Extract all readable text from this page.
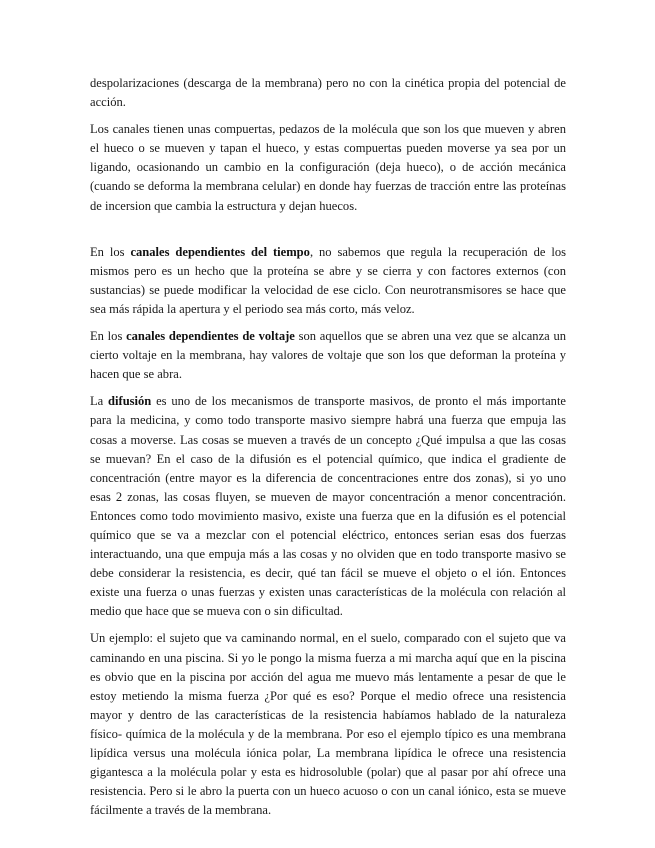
despolarizaciones (descarga de la membrana) pero no con la cinética propia del potencial de acción.

Los canales tienen unas compuertas, pedazos de la molécula que son los que mueven y abren el hueco o se mueven y tapan el hueco, y estas compuertas pueden moverse ya sea por un ligando, ocasionando un cambio en la configuración (deja hueco), o de acción mecánica (cuando se deforma la membrana celular) en donde hay fuerzas de tracción entre las proteínas de incersion que cambia la estructura y dejan huecos.

En los canales dependientes del tiempo, no sabemos que regula la recuperación de los mismos pero es un hecho que la proteína se abre y se cierra y con factores externos (con sustancias) se puede modificar la velocidad de ese ciclo. Con neurotransmisores se hace que sea más rápida la apertura y el periodo sea más corto, más veloz.

En los canales dependientes de voltaje son aquellos que se abren una vez que se alcanza un cierto voltaje en la membrana, hay valores de voltaje que son los que deforman la proteína y hacen que se abra.

La difusión es uno de los mecanismos de transporte masivos, de pronto el más importante para la medicina, y como todo transporte masivo siempre habrá una fuerza que empuja las cosas a moverse. Las cosas se mueven a través de un concepto ¿Qué impulsa a que las cosas se muevan? En el caso de la difusión es el potencial químico, que indica el gradiente de concentración (entre mayor es la diferencia de concentraciones entre dos zonas), si yo uno esas 2 zonas, las cosas fluyen, se mueven de mayor concentración a menor concentración. Entonces como todo movimiento masivo, existe una fuerza que en la difusión es el potencial químico que se va a mezclar con el potencial eléctrico, entonces serian esas dos fuerzas interactuando, una que empuja más a las cosas y no olviden que en todo transporte masivo se debe considerar la resistencia, es decir, qué tan fácil se mueve el objeto o el ión. Entonces existe una fuerza o unas fuerzas y existen unas características de la molécula con relación al medio que hace que se mueva con o sin dificultad.

Un ejemplo: el sujeto que va caminando normal, en el suelo, comparado con el sujeto que va caminando en una piscina. Si yo le pongo la misma fuerza a mi marcha aquí que en la piscina es obvio que en la piscina por acción del agua me muevo más lentamente a pesar de que le estoy metiendo la misma fuerza ¿Por qué es eso? Porque el medio ofrece una resistencia mayor y dentro de las características de la resistencia habíamos hablado de la naturaleza físico- química de la molécula y de la membrana. Por eso el ejemplo típico es una membrana lipídica versus una molécula iónica polar, La membrana lipídica le ofrece una resistencia gigantesca a la molécula polar y esta es hidrosoluble (polar) que al pasar por ahí ofrece una resistencia. Pero si le abro la puerta con un hueco acuoso o con un canal iónico, esta se mueve fácilmente a través de la membrana.
